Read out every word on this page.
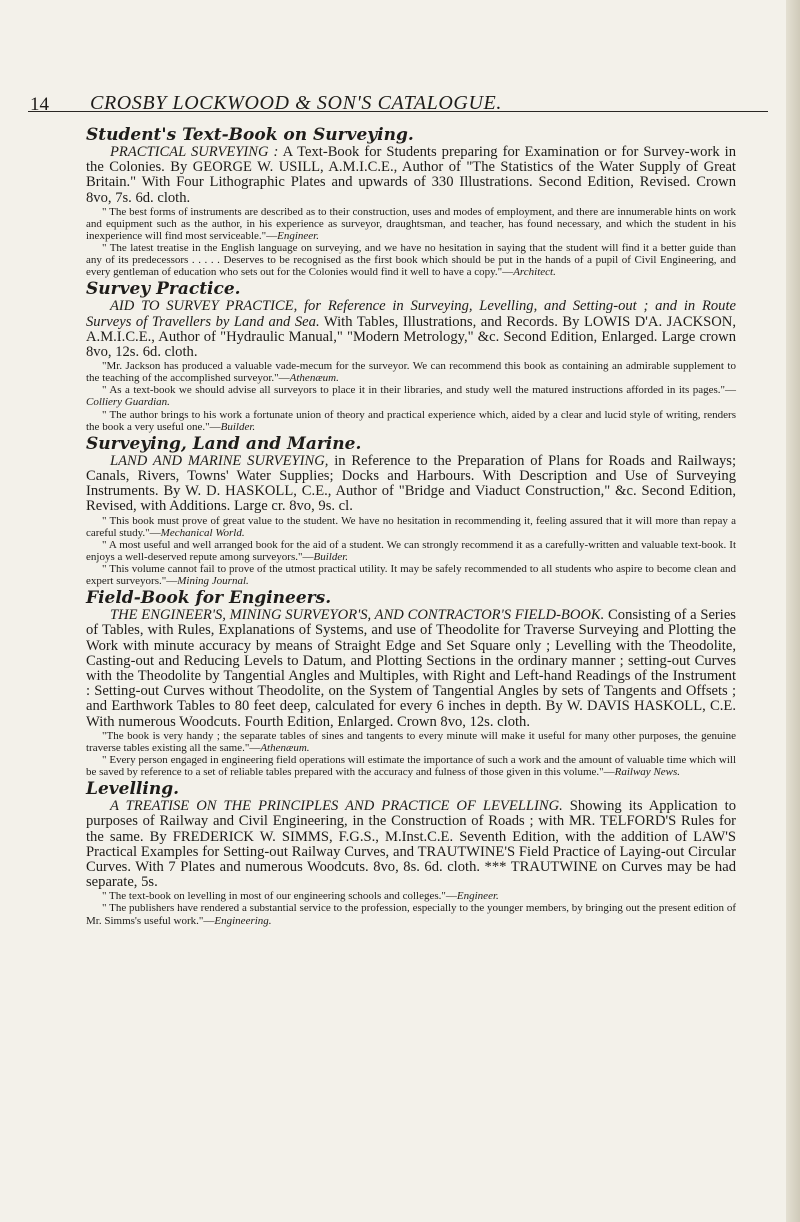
14 CROSBY LOCKWOOD & SON'S CATALOGUE.
Student's Text-Book on Surveying.

PRACTICAL SURVEYING : A Text-Book for Students preparing for Examination or for Survey-work in the Colonies. By GEORGE W. USILL, A.M.I.C.E., Author of "The Statistics of the Water Supply of Great Britain." With Four Lithographic Plates and upwards of 330 Illustrations. Second Edition, Revised. Crown 8vo, 7s. 6d. cloth.

" The best forms of instruments are described as to their construction, uses and modes of employment, and there are innumerable hints on work and equipment such as the author, in his experience as surveyor, draughtsman, and teacher, has found necessary, and which the student in his inexperience will find most serviceable."—Engineer.

" The latest treatise in the English language on surveying, and we have no hesitation in saying that the student will find it a better guide than any of its predecessors . . . . . Deserves to be recognised as the first book which should be put in the hands of a pupil of Civil Engineering, and every gentleman of education who sets out for the Colonies would find it well to have a copy."—Architect.

Survey Practice.

AID TO SURVEY PRACTICE, for Reference in Surveying, Levelling, and Setting-out ; and in Route Surveys of Travellers by Land and Sea. With Tables, Illustrations, and Records. By LOWIS D'A. JACKSON, A.M.I.C.E., Author of "Hydraulic Manual," "Modern Metrology," &c. Second Edition, Enlarged. Large crown 8vo, 12s. 6d. cloth.

"Mr. Jackson has produced a valuable vade-mecum for the surveyor. We can recommend this book as containing an admirable supplement to the teaching of the accomplished surveyor."—Athenæum.

" As a text-book we should advise all surveyors to place it in their libraries, and study well the matured instructions afforded in its pages."—Colliery Guardian.

" The author brings to his work a fortunate union of theory and practical experience which, aided by a clear and lucid style of writing, renders the book a very useful one."—Builder.

Surveying, Land and Marine.

LAND AND MARINE SURVEYING, in Reference to the Preparation of Plans for Roads and Railways; Canals, Rivers, Towns' Water Supplies; Docks and Harbours. With Description and Use of Surveying Instruments. By W. D. HASKOLL, C.E., Author of "Bridge and Viaduct Construction," &c. Second Edition, Revised, with Additions. Large cr. 8vo, 9s. cl.

" This book must prove of great value to the student. We have no hesitation in recommending it, feeling assured that it will more than repay a careful study."—Mechanical World.

" A most useful and well arranged book for the aid of a student. We can strongly recommend it as a carefully-written and valuable text-book. It enjoys a well-deserved repute among surveyors."—Builder.

" This volume cannot fail to prove of the utmost practical utility. It may be safely recommended to all students who aspire to become clean and expert surveyors."—Mining Journal.

Field-Book for Engineers.

THE ENGINEER'S, MINING SURVEYOR'S, AND CONTRACTOR'S FIELD-BOOK. Consisting of a Series of Tables, with Rules, Explanations of Systems, and use of Theodolite for Traverse Surveying and Plotting the Work with minute accuracy by means of Straight Edge and Set Square only ; Levelling with the Theodolite, Casting-out and Reducing Levels to Datum, and Plotting Sections in the ordinary manner ; setting-out Curves with the Theodolite by Tangential Angles and Multiples, with Right and Left-hand Readings of the Instrument : Setting-out Curves without Theodolite, on the System of Tangential Angles by sets of Tangents and Offsets ; and Earthwork Tables to 80 feet deep, calculated for every 6 inches in depth. By W. DAVIS HASKOLL, C.E. With numerous Woodcuts. Fourth Edition, Enlarged. Crown 8vo, 12s. cloth.

"The book is very handy ; the separate tables of sines and tangents to every minute will make it useful for many other purposes, the genuine traverse tables existing all the same."—Athenæum.

" Every person engaged in engineering field operations will estimate the importance of such a work and the amount of valuable time which will be saved by reference to a set of reliable tables prepared with the accuracy and fulness of those given in this volume."—Railway News.

Levelling.

A TREATISE ON THE PRINCIPLES AND PRACTICE OF LEVELLING. Showing its Application to purposes of Railway and Civil Engineering, in the Construction of Roads ; with MR. TELFORD'S Rules for the same. By FREDERICK W. SIMMS, F.G.S., M.Inst.C.E. Seventh Edition, with the addition of LAW'S Practical Examples for Setting-out Railway Curves, and TRAUTWINE'S Field Practice of Laying-out Circular Curves. With 7 Plates and numerous Woodcuts. 8vo, 8s. 6d. cloth. *** TRAUTWINE on Curves may be had separate, 5s.

" The text-book on levelling in most of our engineering schools and colleges."—Engineer.

" The publishers have rendered a substantial service to the profession, especially to the younger members, by bringing out the present edition of Mr. Simms's useful work."—Engineering.
